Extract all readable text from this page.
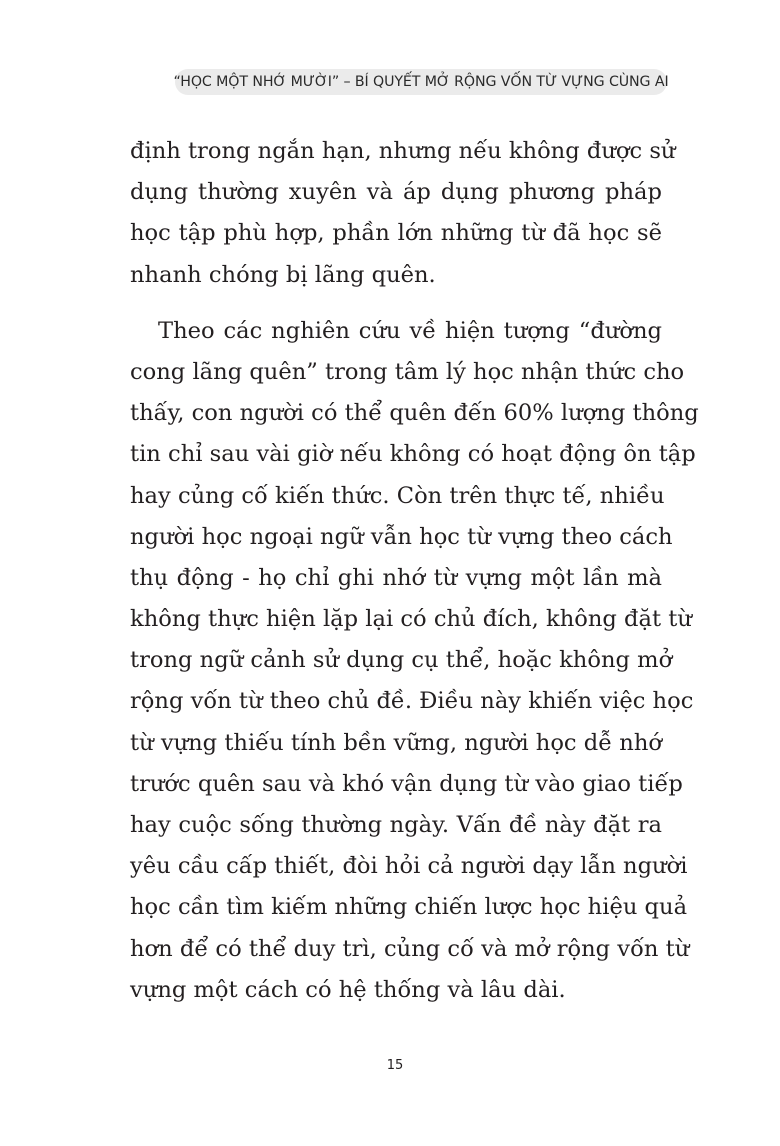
“HỌC MỘT NHỚ MƯỜI” – BÍ QUYẾT MỞ RỘNG VỐN TỪ VỰNG CÙNG AI
định trong ngắn hạn, nhưng nếu không được sử
dụng thường xuyên và áp dụng phương pháp
học tập phù hợp, phần lớn những từ đã học sẽ
nhanh chóng bị lãng quên.
Theo các nghiên cứu về hiện tượng “đường
cong lãng quên” trong tâm lý học nhận thức cho
thấy, con người có thể quên đến 60% lượng thông
tin chỉ sau vài giờ nếu không có hoạt động ôn tập
hay củng cố kiến thức. Còn trên thực tế, nhiều
người học ngoại ngữ vẫn học từ vựng theo cách
thụ động - họ chỉ ghi nhớ từ vựng một lần mà
không thực hiện lặp lại có chủ đích, không đặt từ
trong ngữ cảnh sử dụng cụ thể, hoặc không mở
rộng vốn từ theo chủ đề. Điều này khiến việc học
từ vựng thiếu tính bền vững, người học dễ nhớ
trước quên sau và khó vận dụng từ vào giao tiếp
hay cuộc sống thường ngày. Vấn đề này đặt ra
yêu cầu cấp thiết, đòi hỏi cả người dạy lẫn người
học cần tìm kiếm những chiến lược học hiệu quả
hơn để có thể duy trì, củng cố và mở rộng vốn từ
vựng một cách có hệ thống và lâu dài.
15
